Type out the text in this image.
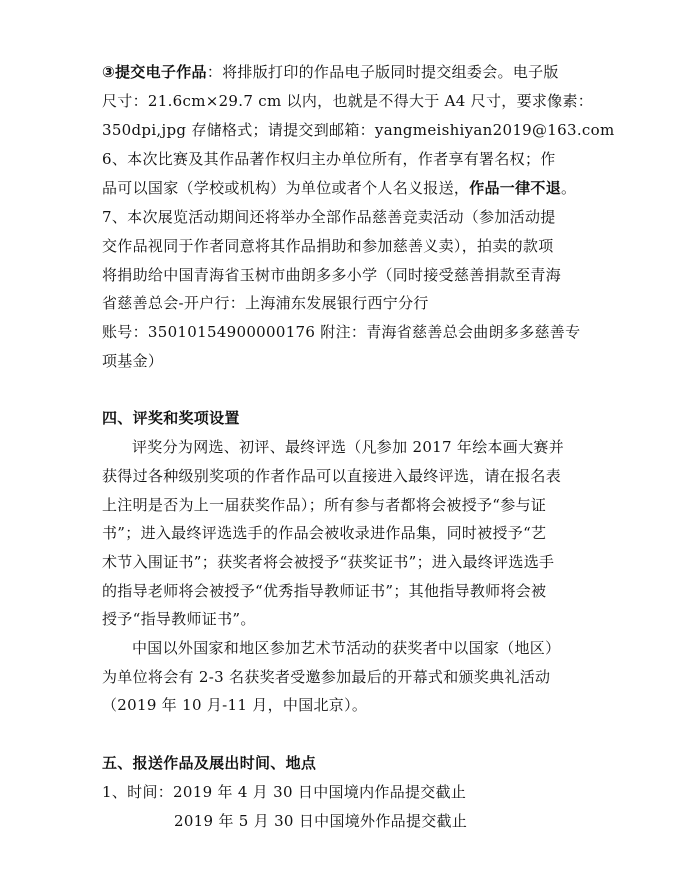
③提交电子作品：将排版打印的作品电子版同时提交组委会。电子版
尺寸：21.6cm×29.7 cm 以内，也就是不得大于 A4 尺寸，要求像素：
350dpi,jpg 存储格式；请提交到邮箱：yangmeishiyan2019@163.com
6、本次比赛及其作品著作权归主办单位所有，作者享有署名权；作
品可以国家（学校或机构）为单位或者个人名义报送，作品一律不退。
7、本次展览活动期间还将举办全部作品慈善竞卖活动（参加活动提
交作品视同于作者同意将其作品捐助和参加慈善义卖），拍卖的款项
将捐助给中国青海省玉树市曲朗多多小学（同时接受慈善捐款至青海
省慈善总会-开户行：上海浦东发展银行西宁分行
账号：35010154900000176 附注：青海省慈善总会曲朗多多慈善专
项基金）
四、评奖和奖项设置
评奖分为网选、初评、最终评选（凡参加 2017 年绘本画大赛并
获得过各种级别奖项的作者作品可以直接进入最终评选，请在报名表
上注明是否为上一届获奖作品）；所有参与者都将会被授予“参与证
书”；进入最终评选选手的作品会被收录进作品集，同时被授予“艺
术节入围证书”；获奖者将会被授予“获奖证书”；进入最终评选选手
的指导老师将会被授予“优秀指导教师证书”；其他指导教师将会被
授予“指导教师证书”。
中国以外国家和地区参加艺术节活动的获奖者中以国家（地区）
为单位将会有 2-3 名获奖者受邀参加最后的开幕式和颁奖典礼活动
（2019 年 10 月-11 月，中国北京）。
五、报送作品及展出时间、地点
1、时间：2019 年 4 月 30 日中国境内作品提交截止
2019 年 5 月 30 日中国境外作品提交截止
